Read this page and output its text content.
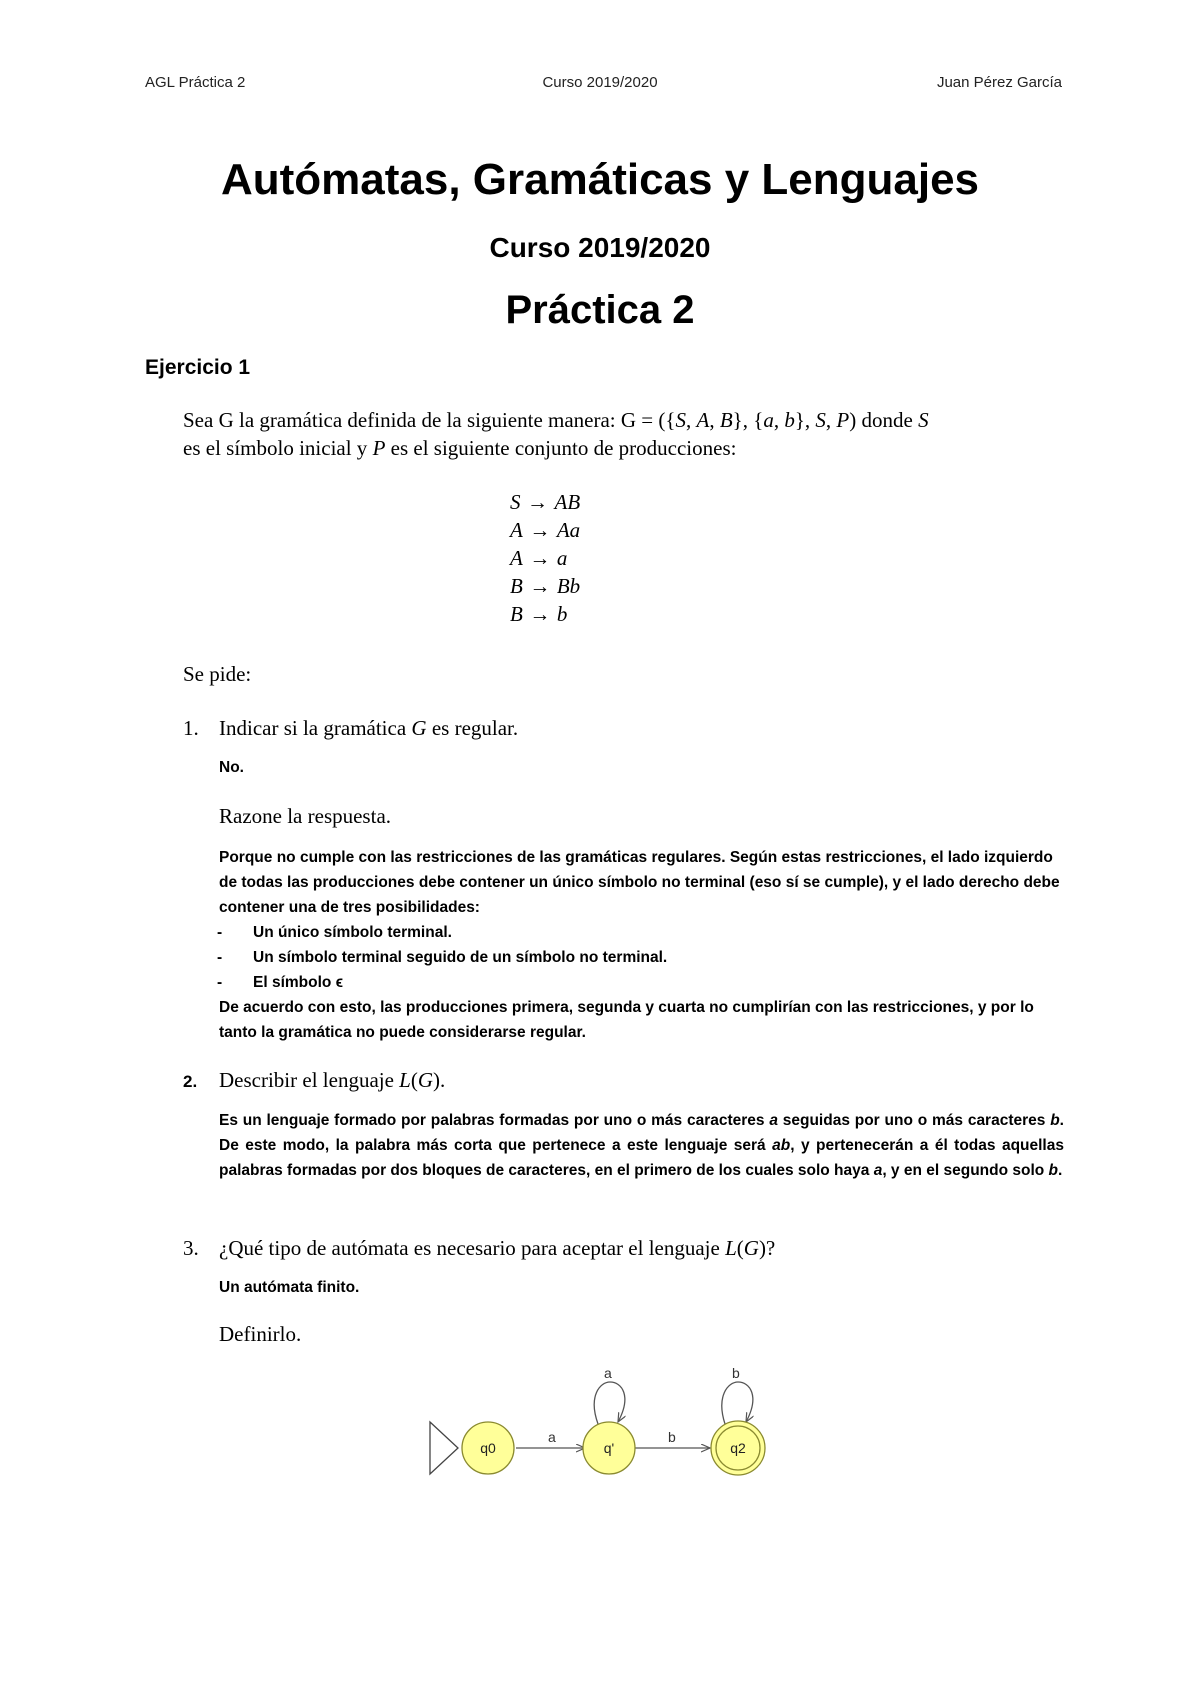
AGL Práctica 2	Curso 2019/2020	Juan Pérez García
Autómatas, Gramáticas y Lenguajes
Curso 2019/2020
Práctica 2
Ejercicio 1
Sea G la gramática definida de la siguiente manera: G = ({S, A, B}, {a, b}, S, P) donde S
es el símbolo inicial y P es el siguiente conjunto de producciones:
S → AB
A → Aa
A → a
B → Bb
B → b
Se pide:
1. Indicar si la gramática G es regular.
No.
Razone la respuesta.
Porque no cumple con las restricciones de las gramáticas regulares. Según estas restricciones, el lado izquierdo de todas las producciones debe contener un único símbolo no terminal (eso sí se cumple), y el lado derecho debe contener una de tres posibilidades:
- Un único símbolo terminal.
- Un símbolo terminal seguido de un símbolo no terminal.
- El símbolo ϵ
De acuerdo con esto, las producciones primera, segunda y cuarta no cumplirían con las restricciones, y por lo tanto la gramática no puede considerarse regular.
2. Describir el lenguaje L(G).
Es un lenguaje formado por palabras formadas por uno o más caracteres a seguidas por uno o más caracteres b. De este modo, la palabra más corta que pertenece a este lenguaje será ab, y pertenecerán a él todas aquellas palabras formadas por dos bloques de caracteres, en el primero de los cuales solo haya a, y en el segundo solo b.
3. ¿Qué tipo de autómata es necesario para aceptar el lenguaje L(G)?
Un autómata finito.
Definirlo.
a
a
b
b
q0	q'	q2
